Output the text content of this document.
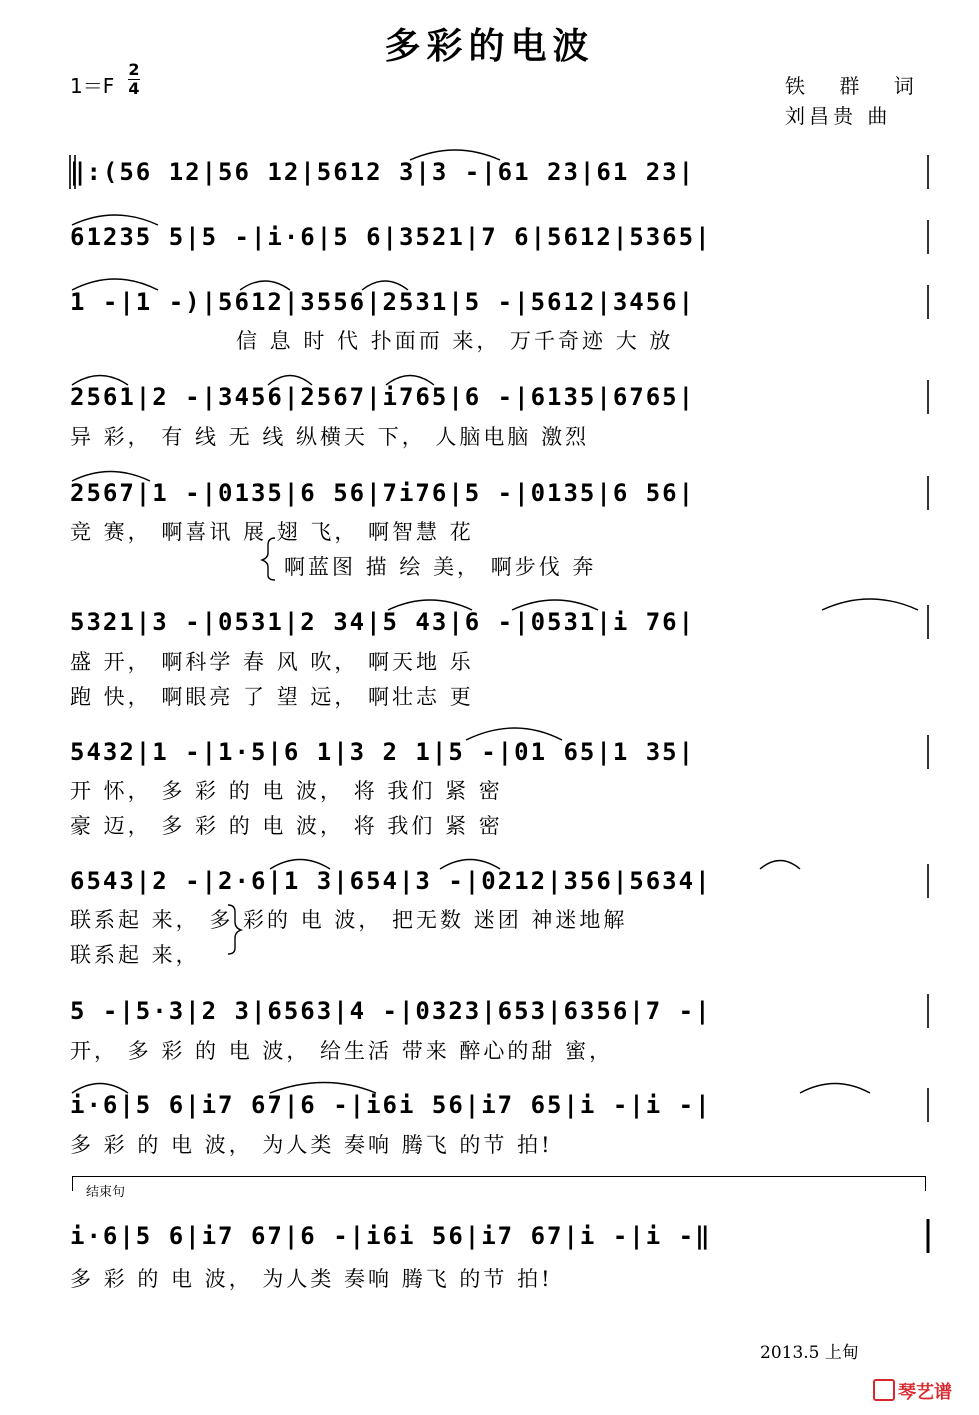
多彩的电波
1＝F
2
4	铁 群 词
刘昌贵 曲
‖:(56 12|56 12|5612 3|3 -|61 23|61 23|
61235 5|5 -|i·6|5 6|3521|7 6|5612|5365|
1 -|1 -)|5612|3556|2531|5 -|5612|3456|
信 息 时 代 扑面而 来， 万千奇迹 大 放
2561|2 -|3456|2567|i765|6 -|6135|6765|
异 彩， 有 线 无 线 纵横天 下， 人脑电脑 激烈
2567|1 -|0135|6 56|7i76|5 -|0135|6 56|
竞 赛， 啊喜讯 展 翅 飞， 啊智慧 花
啊蓝图 描 绘 美， 啊步伐 奔
5321|3 -|0531|2 34|5 43|6 -|0531|i 76|
盛 开， 啊科学 春 风 吹， 啊天地 乐
跑 快， 啊眼亮 了 望 远， 啊壮志 更
5432|1 -|1·5|6 1|3 2 1|5 -|01 65|1 35|
开 怀， 多 彩 的 电 波， 将 我们 紧 密
豪 迈， 多 彩 的 电 波， 将 我们 紧 密
6543|2 -|2·6|1 3|654|3 -|0212|356|5634|
联系起 来， 多 彩的 电 波， 把无数 迷团 神迷地解
联系起 来，
5 -|5·3|2 3|6563|4 -|0323|653|6356|7 -|
开， 多 彩 的 电 波， 给生活 带来 醉心的甜 蜜，
i·6|5 6|i7 67|6 -|i6i 56|i7 65|i -|i -|
多 彩 的 电 波， 为人类 奏响 腾飞 的节 拍!
结束句
i·6|5 6|i7 67|6 -|i6i 56|i7 67|i -|i -‖
多 彩 的 电 波， 为人类 奏响 腾飞 的节 拍!
2013.5 上甸
琴艺谱
